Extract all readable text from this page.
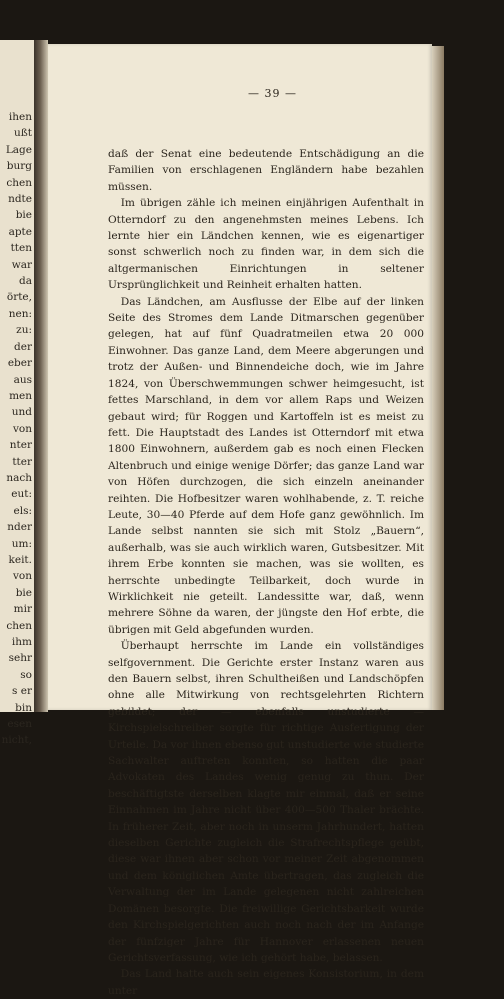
ihen
ußt
Lage
burg
chen
ndte
bie
apte
tten
war
da
örte,
nen:
zu:
der
eber
aus
men
und
von
nter
tter
nach
eut:
els:
nder
um:
keit.
von
bie
mir
chen
ihm
sehr
so
s er
bin
esen
nicht,
— 39 —

daß der Senat eine bedeutende Entschädigung an die Familien von erschlagenen Engländern habe bezahlen müssen.

Im übrigen zähle ich meinen einjährigen Aufenthalt in Otterndorf zu den angenehmsten meines Lebens. Ich lernte hier ein Ländchen kennen, wie es eigenartiger sonst schwerlich noch zu finden war, in dem sich die altgermanischen Einrichtungen in seltener Ursprünglichkeit und Reinheit erhalten hatten.

Das Ländchen, am Ausflusse der Elbe auf der linken Seite des Stromes dem Lande Ditmarschen gegenüber gelegen, hat auf fünf Quadratmeilen etwa 20 000 Einwohner. Das ganze Land, dem Meere abgerungen und trotz der Außen- und Binnendeiche doch, wie im Jahre 1824, von Überschwemmungen schwer heimgesucht, ist fettes Marschland, in dem vor allem Raps und Weizen gebaut wird; für Roggen und Kartoffeln ist es meist zu fett. Die Hauptstadt des Landes ist Otterndorf mit etwa 1800 Einwohnern, außerdem gab es noch einen Flecken Altenbruch und einige wenige Dörfer; das ganze Land war von Höfen durchzogen, die sich einzeln aneinander reihten. Die Hofbesitzer waren wohlhabende, z. T. reiche Leute, 30—40 Pferde auf dem Hofe ganz gewöhnlich. Im Lande selbst nannten sie sich mit Stolz „Bauern“, außerhalb, was sie auch wirklich waren, Gutsbesitzer. Mit ihrem Erbe konnten sie machen, was sie wollten, es herrschte unbedingte Teilbarkeit, doch wurde in Wirklichkeit nie geteilt. Landessitte war, daß, wenn mehrere Söhne da waren, der jüngste den Hof erbte, die übrigen mit Geld abgefunden wurden.

Überhaupt herrschte im Lande ein vollständiges selfgovernment. Die Gerichte erster Instanz waren aus den Bauern selbst, ihren Schultheißen und Landschöpfen ohne alle Mitwirkung von rechtsgelehrten Richtern gebildet; der — ebenfalls unstudierte — Kirchspielschreiber sorgte für richtige Ausfertigung der Urteile. Da vor ihnen ebenso gut unstudierte wie studierte Sachwalter auftreten konnten, so hatten die paar Advokaten des Landes wenig genug zu thun. Der beschäftigtste derselben klagte mir einmal, daß er seine Einnahmen im Jahre nicht über 400—500 Thaler brächte. In früherer Zeit, aber noch in unserm Jahrhundert, hatten dieselben Gerichte zugleich die Strafrechtspflege geübt, diese war ihnen aber schon vor meiner Zeit abgenommen und dem königlichen Amte übertragen, das zugleich die Verwaltung der im Lande gelegenen nicht zahlreichen Domänen besorgte. Die freiwillige Gerichtsbarkeit wurde den Kirchspielgerichten auch noch nach der im Anfange der fünfziger Jahre für Hannover erlassenen neuen Gerichtsverfassung, wie ich gehört habe, belassen.

Das Land hatte auch sein eigenes Konsistorium, in dem unter
